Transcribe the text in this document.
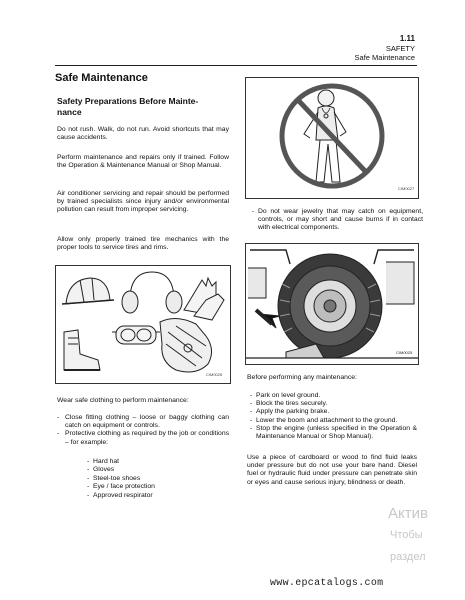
1.11
SAFETY
Safe Maintenance
Safe Maintenance
Safety Preparations Before Mainte-nance
Do not rush. Walk, do not run. Avoid shortcuts that may cause accidents.
Perform maintenance and repairs only if trained. Follow the Operation & Maintenance Manual or Shop Manual.
Air conditioner servicing and repair should be performed by trained specialists since injury and/or environmental pollution can result from improper servicing.
Allow only properly trained tire mechanics with the proper tools to service tires and rims.
CIM0026
Wear safe clothing to perform maintenance:
- Close fitting clothing – loose or baggy clothing can catch on equipment or controls.
- Protective clothing as required by the job or conditions – for example:
- Hard hat
- Gloves
- Steel-toe shoes
- Eye / face protection
- Approved respirator
CIM0027
- Do not wear jewelry that may catch on equipment, controls, or may short and cause burns if in contact with electrical components.
CIM0025
Before performing any maintenance:
- Park on level ground.
- Block the tires securely.
- Apply the parking brake.
- Lower the boom and attachment to the ground.
- Stop the engine (unless specified in the Operation & Maintenance Manual or Shop Manual).
Use a piece of cardboard or wood to find fluid leaks under pressure but do not use your bare hand. Diesel fuel or hydraulic fluid under pressure can penetrate skin or eyes and cause serious injury, blindness or death.
Актив
Чтобы
раздел
www.epcatalogs.com
